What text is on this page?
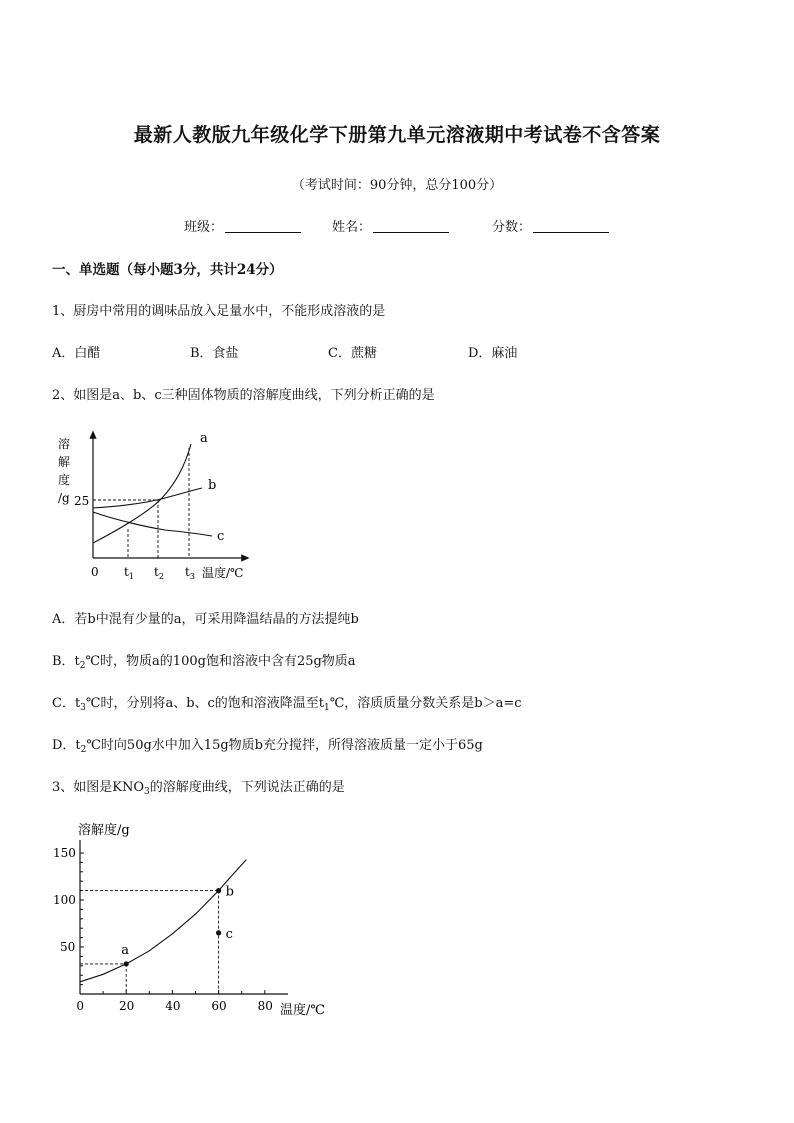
最新人教版九年级化学下册第九单元溶液期中考试卷不含答案
（考试时间：90分钟，总分100分）
班级：	姓名：	分数：
一、单选题（每小题3分，共计24分）
1、厨房中常用的调味品放入足量水中，不能形成溶液的是
A．白醋	B．食盐	C．蔗糖	D．麻油
2、如图是a、b、c三种固体物质的溶解度曲线，下列分析正确的是
溶
解
度
/g 25
a
b
c
0 $t_1$ $t_2$ $t_3$ 温度/℃
A．若b中混有少量的a，可采用降温结晶的方法提纯b
B．$t_2℃$时，物质a的100g饱和溶液中含有25g物质a
C．$t_3℃$时，分别将a、b、c的饱和溶液降温至$t_1℃$，溶质质量分数关系是b＞a=c
D．$t_2℃$时向50g水中加入15g物质b充分搅拌，所得溶液质量一定小于65g
3、如图是$KNO_3$的溶解度曲线，下列说法正确的是
溶解度/g
0	20	40	60	80
50
100
150
a
b
c
温度/℃
